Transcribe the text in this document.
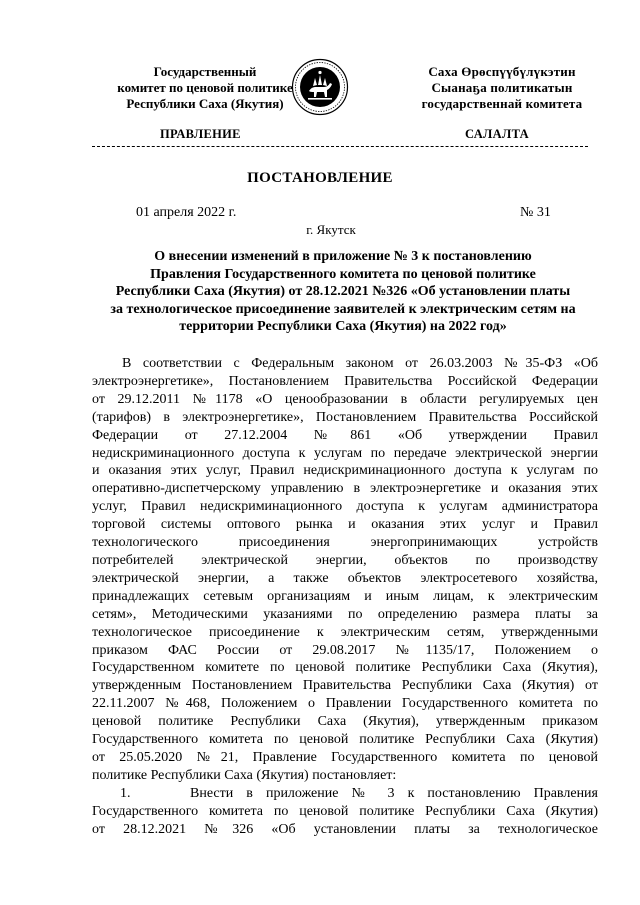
Государственный
комитет по ценовой политике
Республики Саха (Якутия)
Саха Өрөспүүбүлүкэтин
Сыанаҕа политикатын
государственнай комитета
ПРАВЛЕНИЕ	САЛАЛТА
ПОСТАНОВЛЕНИЕ
01 апреля 2022 г.	№ 31
г. Якутск
О внесении изменений в приложение № 3 к постановлению
Правления Государственного комитета по ценовой политике
Республики Саха (Якутия) от 28.12.2021 №326 «Об установлении платы
за технологическое присоединение заявителей к электрическим сетям на
территории Республики Саха (Якутия) на 2022 год»
В соответствии с Федеральным законом от 26.03.2003 №35-ФЗ «Об
электроэнергетике», Постановлением Правительства Российской Федерации
от 29.12.2011 №1178 «О ценообразовании в области регулируемых цен
(тарифов) в электроэнергетике», Постановлением Правительства Российской
Федерации от 27.12.2004 №861 «Об утверждении Правил
недискриминационного доступа к услугам по передаче электрической энергии
и оказания этих услуг, Правил недискриминационного доступа к услугам по
оперативно-диспетчерскому управлению в электроэнергетике и оказания этих
услуг, Правил недискриминационного доступа к услугам администратора
торговой системы оптового рынка и оказания этих услуг и Правил
технологического присоединения энергопринимающих устройств
потребителей электрической энергии, объектов по производству
электрической энергии, а также объектов электросетевого хозяйства,
принадлежащих сетевым организациям и иным лицам, к электрическим
сетям», Методическими указаниями по определению размера платы за
технологическое присоединение к электрическим сетям, утвержденными
приказом ФАС России от 29.08.2017 №1135/17, Положением о
Государственном комитете по ценовой политике Республики Саха (Якутия),
утвержденным Постановлением Правительства Республики Саха (Якутия) от
22.11.2007 №468, Положением о Правлении Государственного комитета по
ценовой политике Республики Саха (Якутия), утвержденным приказом
Государственного комитета по ценовой политике Республики Саха (Якутия)
от 25.05.2020 №21, Правление Государственного комитета по ценовой
политике Республики Саха (Якутия) постановляет:
1.	Внести в приложение № 3 к постановлению Правления
Государственного комитета по ценовой политике Республики Саха (Якутия)
от 28.12.2021 №326 «Об установлении платы за технологическое
